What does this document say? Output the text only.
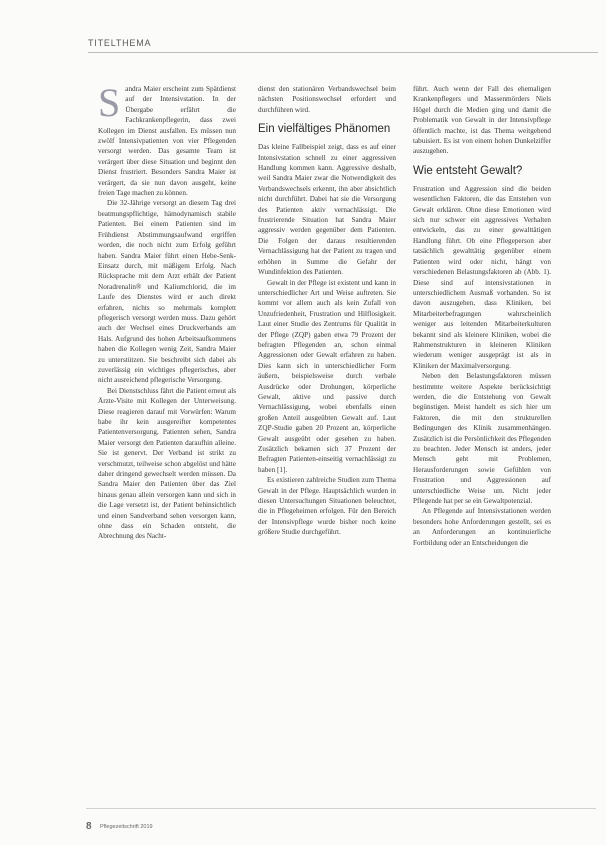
TITELTHEMA

Sandra Maier erscheint zum Spätdienst auf der Intensivstation. In der Übergabe erfährt die Fachkrankenpflegerin, dass zwei Kollegen im Dienst ausfallen. Es müssen nun zwölf Intensivpatienten von vier Pflegenden versorgt werden. Das gesamte Team ist verärgert über diese Situation und beginnt den Dienst frustriert. Besonders Sandra Maier ist verärgert, da sie nun davon ausgeht, keine freien Tage machen zu können.

Die 32-Jährige versorgt an diesem Tag drei beatmungspflichtige, hämodynamisch stabile Patienten. Bei einem Patienten sind im Frühdienst Abstimmungsaufwand ergriffen worden, die noch nicht zum Erfolg geführt haben. Sandra Maier führt einen Hebe-Senk-Einsatz durch, mit mäßigem Erfolg. Nach Rücksprache mit dem Arzt erhält der Patient Noradrenalin® und Kaliumchlorid, die im Laufe des Dienstes wird er auch direkt erfahren, nichts so mehrmals komplett pflegerisch versorgt werden muss. Dazu gehört auch der Wechsel eines Druckverbands am Hals. Aufgrund des hohen Arbeitsaufkommens haben die Kollegen wenig Zeit, Sandra Maier zu unterstützen. Sie beschreibt sich dabei als zuverlässig ein wichtiges pflegerisches, aber nicht ausreichend pflegerische Versorgung.

Bei Dienstschluss fährt die Patient erneut als Ärzte-Visite mit Kollegen der Unterweisung. Diese reagieren darauf mit Vorwürfen: Warum habe ihr kein ausgereifter kompetentes Patientenversorgung, Patienten sehen, Sandra Maier versorgt den Patienten daraufhin alleine. Sie ist genervt. Der Verband ist strikt zu verschmutzt, teilweise schon abgelöst und hätte daher dringend gewechselt werden müssen. Da Sandra Maier den Patienten über das Ziel hinaus genau allein versorgen kann und sich in die Lage versetzt ist, der Patient behinsichtlich und einen Sandverband sehen versorgen kann, ohne dass ein Schaden entsteht, die Abrechnung des Nacht-

dienst den stationären Verbandswechsel beim nächsten Positionswechsel erfordert und durchführen wird.

Ein vielfältiges Phänomen

Das kleine Fallbeispiel zeigt, dass es auf einer Intensivstation schnell zu einer aggressiven Handlung kommen kann. Aggressive deshalb, weil Sandra Maier zwar die Notwendigkeit des Verbandswechsels erkennt, ihn aber absichtlich nicht durchführt. Dabei hat sie die Versorgung des Patienten aktiv vernachlässigt. Die frustrierende Situation hat Sandra Maier aggressiv werden gegenüber dem Patienten. Die Folgen der daraus resultierenden Vernachlässigung hat der Patient zu tragen und erhöhen in Summe die Gefahr der Wundinfektion des Patienten.

Gewalt in der Pflege ist existent und kann in unterschiedlicher Art und Weise auftreten. Sie kommt vor allem auch als kein Zufall von Unzufriedenheit, Frustration und Hilflosigkeit. Laut einer Studie des Zentrums für Qualität in der Pflege (ZQP) gaben etwa 79 Prozent der befragten Pflegenden an, schon einmal Aggressionen oder Gewalt erfahren zu haben. Dies kann sich in unterschiedlicher Form äußern, beispielsweise durch verbale Ausdrücke oder Drohungen, körperliche Gewalt, aktive und passive durch Vernachlässigung, wobei ebenfalls einen großen Anteil ausgeübten Gewalt auf. Laut ZQP-Studie gaben 20 Prozent an, körperliche Gewalt ausgeübt oder gesehen zu haben. Zusätzlich bekamen sich 37 Prozent der Befragten Patienten-einseitig vernachlässigt zu haben [1].

Es existieren zahlreiche Studien zum Thema Gewalt in der Pflege. Hauptsächlich wurden in diesen Untersuchungen Situationen beleuchtet, die in Pflegeheimen erfolgen. Für den Bereich der Intensivpflege wurde bisher noch keine größere Studie durchgeführt.

führt. Auch wenn der Fall des ehemaligen Krankenpflegers und Massenmörders Niels Högel durch die Medien ging und damit die Problematik von Gewalt in der Intensivpflege öffentlich machte, ist das Thema weitgehend tabuisiert. Es ist von einem hohen Dunkelziffer auszugehen.

Wie entsteht Gewalt?

Frustration und Aggression sind die beiden wesentlichen Faktoren, die das Entstehen von Gewalt erklären. Ohne diese Emotionen wird sich nur schwer ein aggressives Verhalten entwickeln, das zu einer gewalttätigen Handlung führt. Ob eine Pflegeperson aber tatsächlich gewalttätig gegenüber einem Patienten wird oder nicht, hängt von verschiedenen Belastungsfaktoren ab (Abb. 1). Diese sind auf intensivstationen in unterschiedlichem Ausmaß vorhanden. So ist davon auszugehen, dass Kliniken, bei Mitarbeiterbefragungen wahrscheinlich weniger aus leitenden Mitarbeiterkulturen bekannt sind als kleinere Kliniken, wobei die Rahmenstrukturen in kleineren Kliniken wiederum weniger ausgeprägt ist als in Kliniken der Maximalversorgung.

Neben den Belastungsfaktoren müssen bestimmte weitere Aspekte berücksichtigt werden, die die Entstehung von Gewalt begünstigen. Meist handelt es sich hier um Faktoren, die mit den strukturellen Bedingungen des Klinik zusammenhängen. Zusätzlich ist die Persönlichkeit des Pflegenden zu beachten. Jeder Mensch ist anders, jeder Mensch geht mit Problemen, Herausforderungen sowie Gefühlen von Frustration und Aggressionen auf unterschiedliche Weise um. Nicht jeder Pflegende hat per se ein Gewaltpotenzial.

An Pflegende auf Intensivstationen werden besonders hohe Anforderungen gestellt, sei es an Anforderungen an kontinuierliche Fortbildung oder an Entscheidungen die

8 Pflegezeitschrift 2019
